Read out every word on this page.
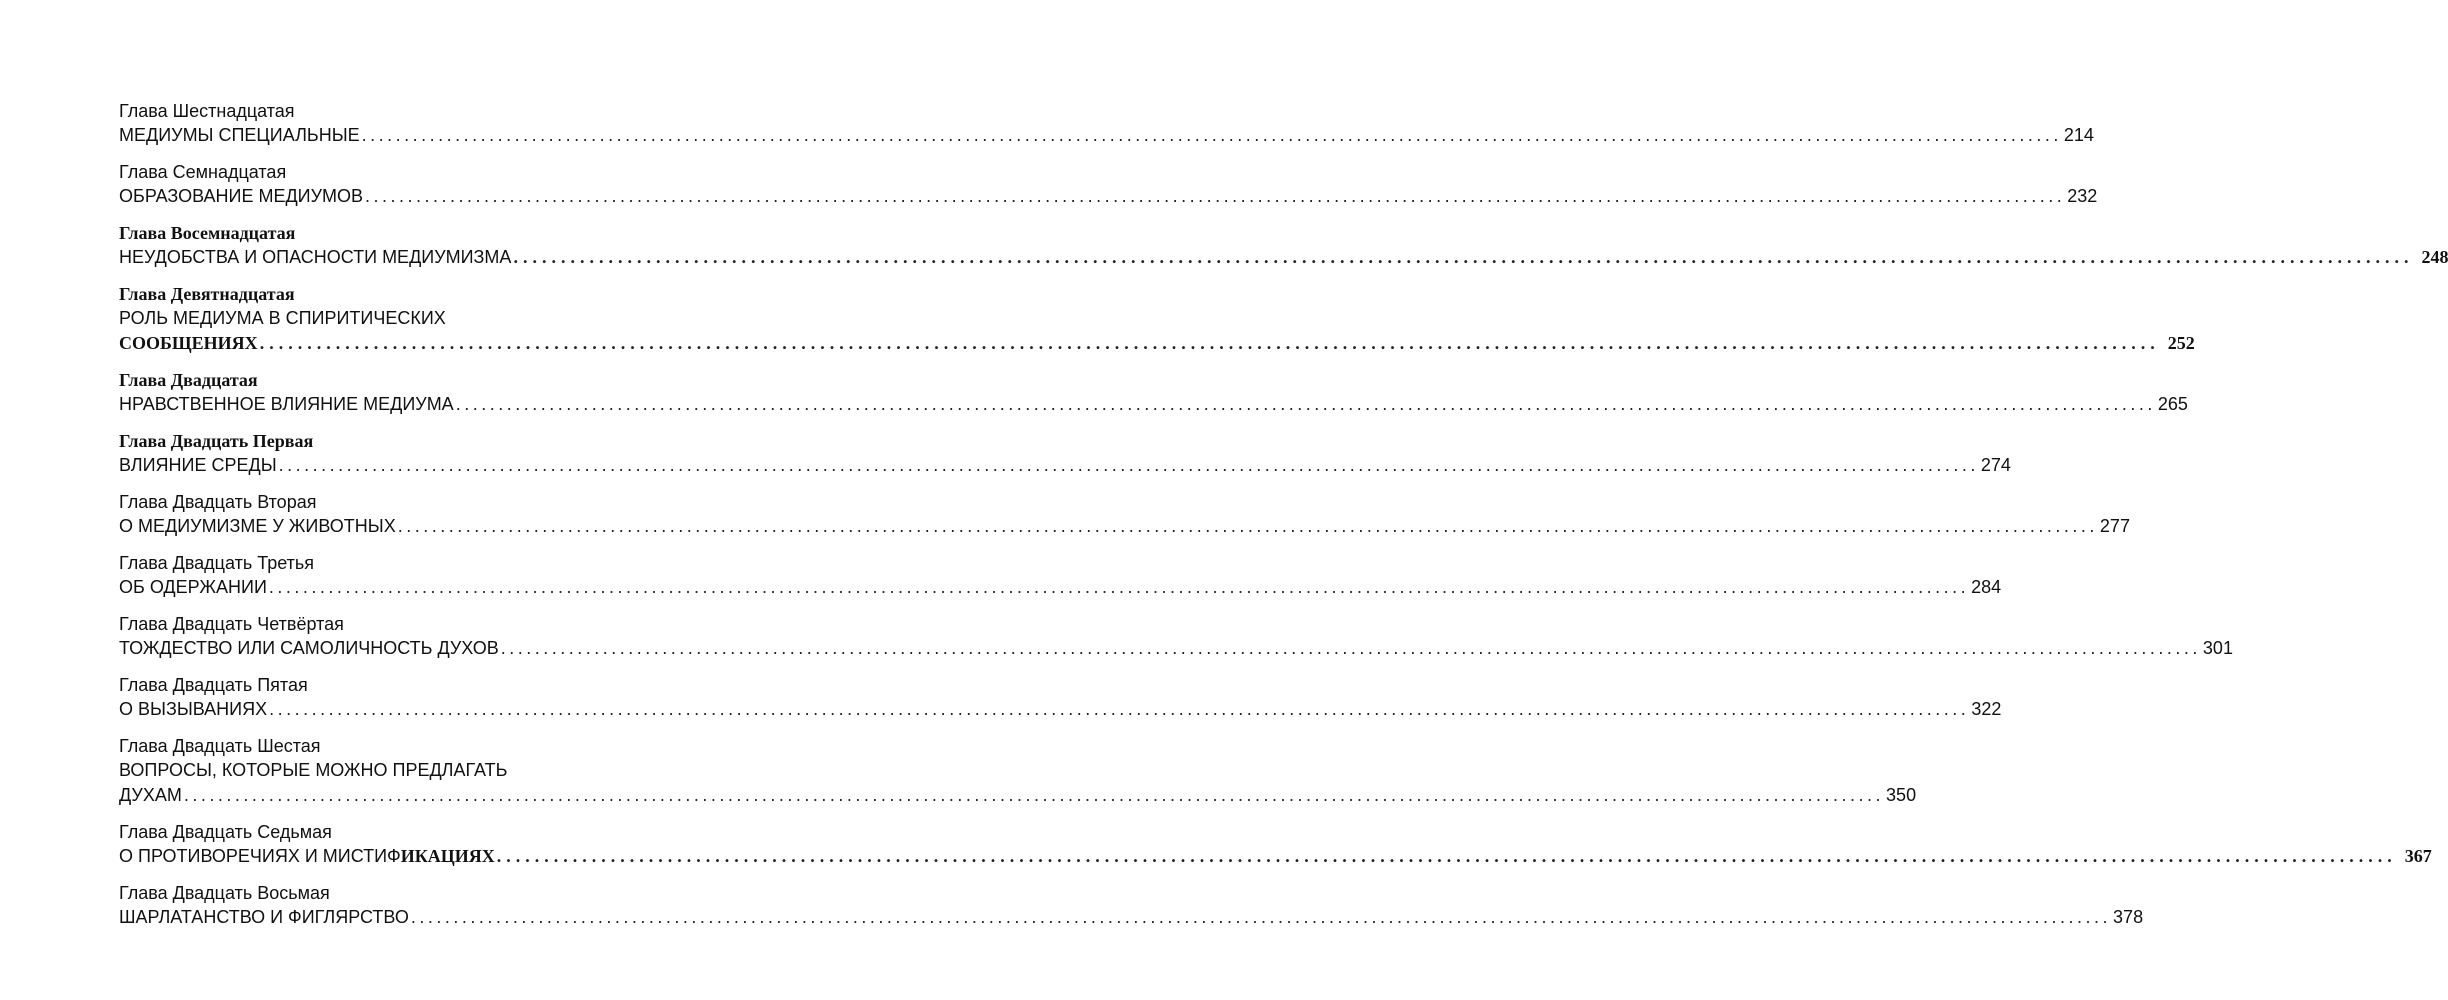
Глава Шестнадцатая
МЕДИУМЫ СПЕЦИАЛЬНЫЕ ........................................................................................................................................................................................................ 214
Глава Семнадцатая
ОБРАЗОВАНИЕ МЕДИУМОВ ........................................................................................................................................................................................................ 232
Глава Восемнадцатая
НЕУДОБСТВА И ОПАСНОСТИ МЕДИУМИЗМА ........................................................................................................................................................................................................ 248
Глава Девятнадцатая
РОЛЬ МЕДИУМА В СПИРИТИЧЕСКИХ
СООБЩЕНИЯХ ........................................................................................................................................................................................................ 252
Глава Двадцатая
НРАВСТВЕННОЕ ВЛИЯНИЕ МЕДИУМА ........................................................................................................................................................................................................ 265
Глава Двадцать Первая
ВЛИЯНИЕ СРЕДЫ ........................................................................................................................................................................................................ 274
Глава Двадцать Вторая
О МЕДИУМИЗМЕ У ЖИВОТНЫХ ........................................................................................................................................................................................................ 277
Глава Двадцать Третья
ОБ ОДЕРЖАНИИ ........................................................................................................................................................................................................ 284
Глава Двадцать Четвёртая
ТОЖДЕСТВО ИЛИ САМОЛИЧНОСТЬ ДУХОВ ........................................................................................................................................................................................................ 301
Глава Двадцать Пятая
О ВЫЗЫВАНИЯХ ........................................................................................................................................................................................................ 322
Глава Двадцать Шестая
ВОПРОСЫ, КОТОРЫЕ МОЖНО ПРЕДЛАГАТЬ
ДУХАМ ........................................................................................................................................................................................................ 350
Глава Двадцать Седьмая
О ПРОТИВОРЕЧИЯХ И МИСТИФИКАЦИЯХ ........................................................................................................................................................................................................ 367
Глава Двадцать Восьмая
ШАРЛАТАНСТВО И ФИГЛЯРСТВО ........................................................................................................................................................................................................ 378
